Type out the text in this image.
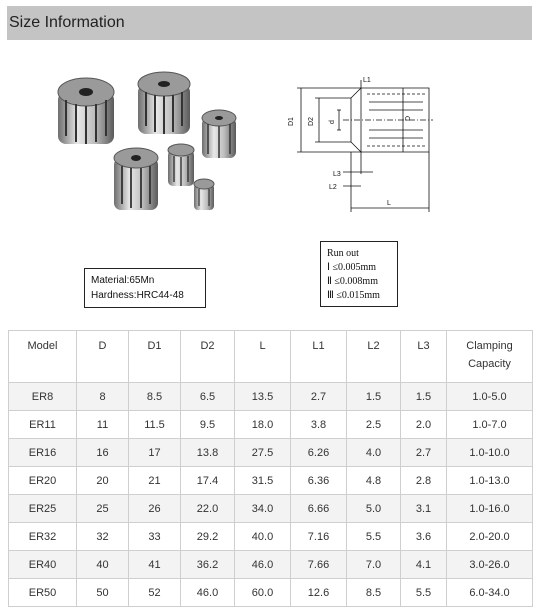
Size Information
D1 D2 d
D
L3
L2
L
L1
Material:65Mn
Hardness:HRC44-48
Run out
Ⅰ ≤0.005mm
Ⅱ ≤0.008mm
Ⅲ ≤0.015mm
Model	D	D1	D2	L	L1	L2	L3	Clamping Capacity
ER8	8	8.5	6.5	13.5	2.7	1.5	1.5	1.0-5.0
ER11	11	11.5	9.5	18.0	3.8	2.5	2.0	1.0-7.0
ER16	16	17	13.8	27.5	6.26	4.0	2.7	1.0-10.0
ER20	20	21	17.4	31.5	6.36	4.8	2.8	1.0-13.0
ER25	25	26	22.0	34.0	6.66	5.0	3.1	1.0-16.0
ER32	32	33	29.2	40.0	7.16	5.5	3.6	2.0-20.0
ER40	40	41	36.2	46.0	7.66	7.0	4.1	3.0-26.0
ER50	50	52	46.0	60.0	12.6	8.5	5.5	6.0-34.0
